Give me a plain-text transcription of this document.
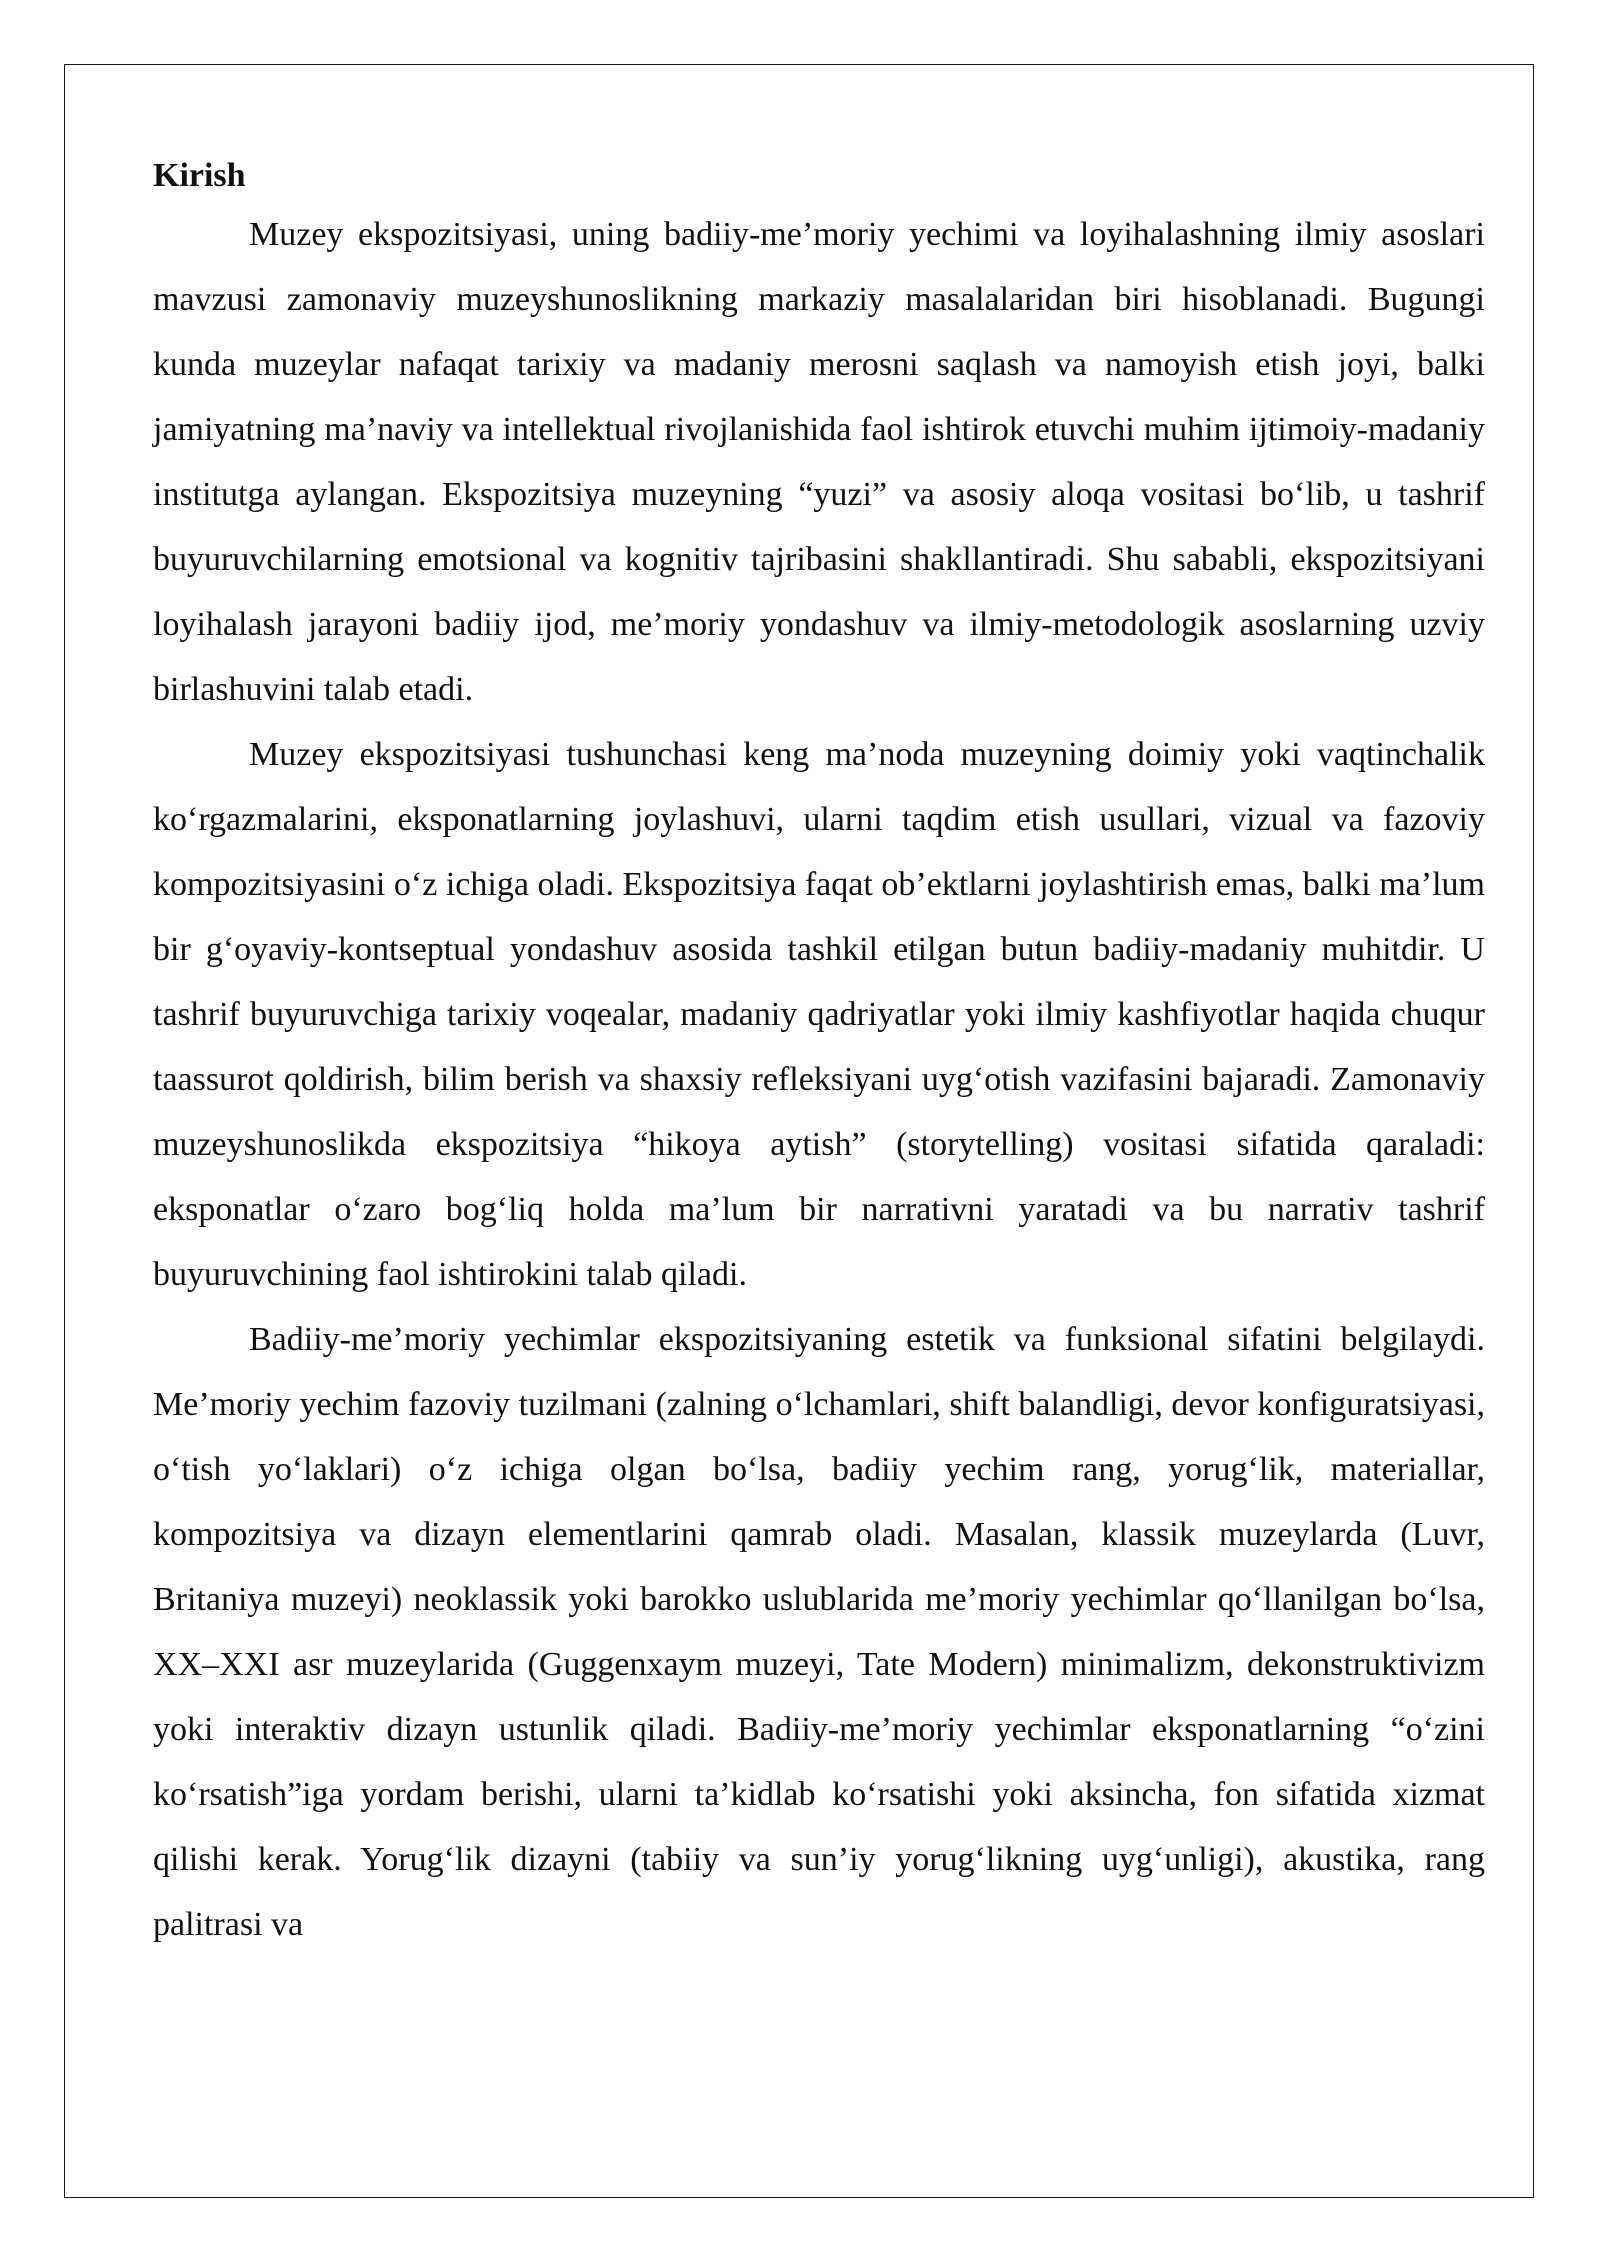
Kirish

Muzey ekspozitsiyasi, uning badiiy-me’moriy yechimi va loyihalashning ilmiy asoslari mavzusi zamonaviy muzeyshunoslikning markaziy masalalaridan biri hisoblanadi. Bugungi kunda muzeylar nafaqat tarixiy va madaniy merosni saqlash va namoyish etish joyi, balki jamiyatning ma’naviy va intellektual rivojlanishida faol ishtirok etuvchi muhim ijtimoiy-madaniy institutga aylangan. Ekspozitsiya muzeyning “yuzi” va asosiy aloqa vositasi bo‘lib, u tashrif buyuruvchilarning emotsional va kognitiv tajribasini shakllantiradi. Shu sababli, ekspozitsiyani loyihalash jarayoni badiiy ijod, me’moriy yondashuv va ilmiy-metodologik asoslarning uzviy birlashuvini talab etadi.

Muzey ekspozitsiyasi tushunchasi keng ma’noda muzeyning doimiy yoki vaqtinchalik ko‘rgazmalarini, eksponatlarning joylashuvi, ularni taqdim etish usullari, vizual va fazoviy kompozitsiyasini o‘z ichiga oladi. Ekspozitsiya faqat ob’ektlarni joylashtirish emas, balki ma’lum bir g‘oyaviy-kontseptual yondashuv asosida tashkil etilgan butun badiiy-madaniy muhitdir. U tashrif buyuruvchiga tarixiy voqealar, madaniy qadriyatlar yoki ilmiy kashfiyotlar haqida chuqur taassurot qoldirish, bilim berish va shaxsiy refleksiyani uyg‘otish vazifasini bajaradi. Zamonaviy muzeyshunoslikda ekspozitsiya “hikoya aytish” (storytelling) vositasi sifatida qaraladi: eksponatlar o‘zaro bog‘liq holda ma’lum bir narrativni yaratadi va bu narrativ tashrif buyuruvchining faol ishtirokini talab qiladi.

Badiiy-me’moriy yechimlar ekspozitsiyaning estetik va funksional sifatini belgilaydi. Me’moriy yechim fazoviy tuzilmani (zalning o‘lchamlari, shift balandligi, devor konfiguratsiyasi, o‘tish yo‘laklari) o‘z ichiga olgan bo‘lsa, badiiy yechim rang, yorug‘lik, materiallar, kompozitsiya va dizayn elementlarini qamrab oladi. Masalan, klassik muzeylarda (Luvr, Britaniya muzeyi) neoklassik yoki barokko uslublarida me’moriy yechimlar qo‘llanilgan bo‘lsa, XX–XXI asr muzeylarida (Guggenxaym muzeyi, Tate Modern) minimalizm, dekonstruktivizm yoki interaktiv dizayn ustunlik qiladi. Badiiy-me’moriy yechimlar eksponatlarning “o‘zini ko‘rsatish”iga yordam berishi, ularni ta’kidlab ko‘rsatishi yoki aksincha, fon sifatida xizmat qilishi kerak. Yorug‘lik dizayni (tabiiy va sun’iy yorug‘likning uyg‘unligi), akustika, rang palitrasi va
